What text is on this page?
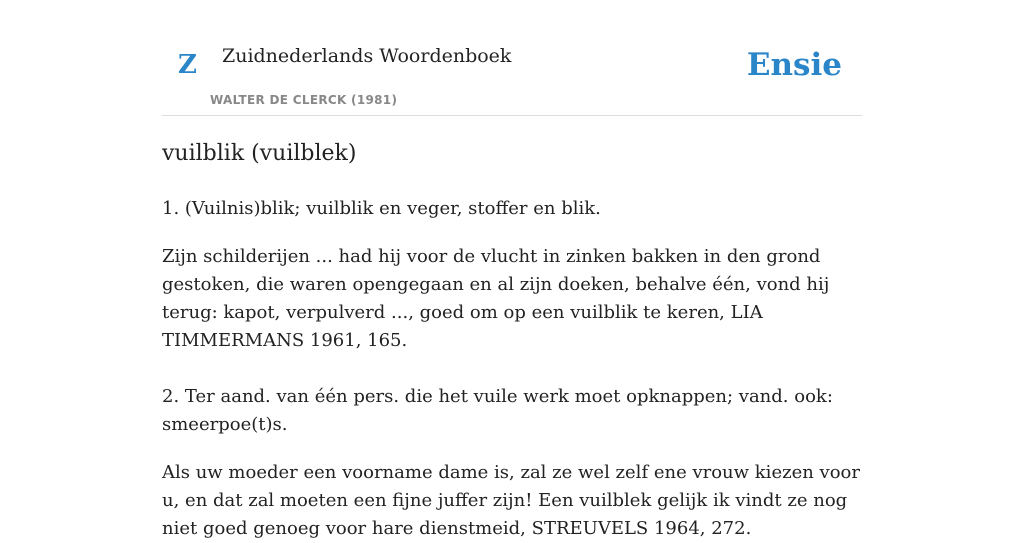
Z Zuidnederlands Woordenboek
WALTER DE CLERCK (1981)
Ensie
vuilblik (vuilblek)

1. (Vuilnis)blik; vuilblik en veger, stoffer en blik.

Zijn schilderijen ... had hij voor de vlucht in zinken bakken in den grond gestoken, die waren opengegaan en al zijn doeken, behalve één, vond hij terug: kapot, verpulverd ..., goed om op een vuilblik te keren, LIA TIMMERMANS 1961, 165.

2. Ter aand. van één pers. die het vuile werk moet opknappen; vand. ook: smeerpoe(t)s.

Als uw moeder een voorname dame is, zal ze wel zelf ene vrouw kiezen voor u, en dat zal moeten een fijne juffer zijn! Een vuilblek gelijk ik vindt ze nog niet goed genoeg voor hare dienstmeid, STREUVELS 1964, 272.
